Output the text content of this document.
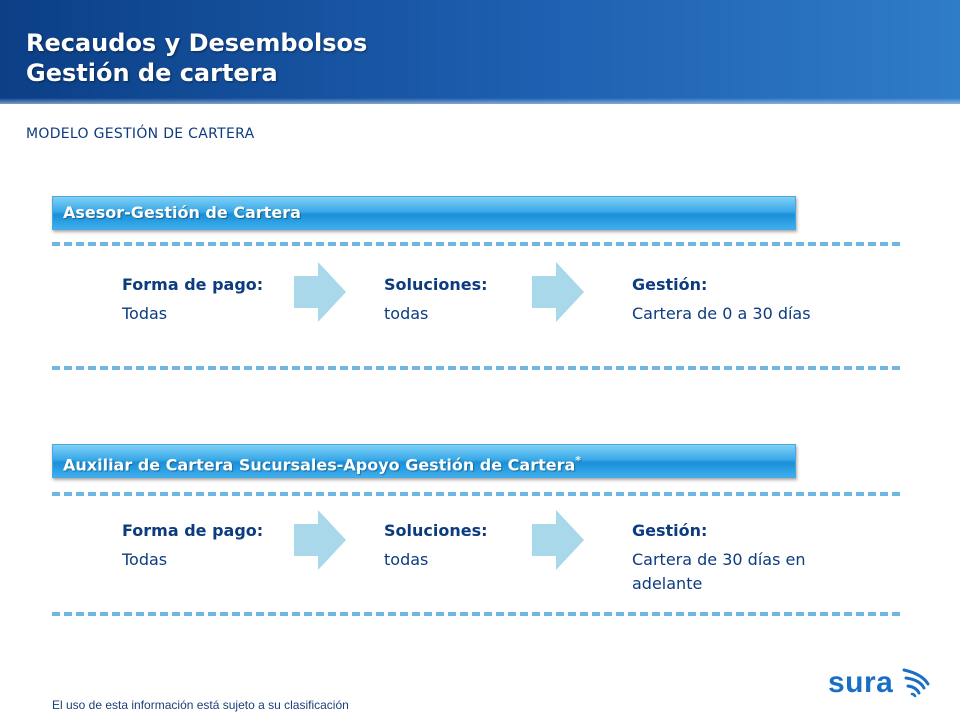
Recaudos y Desembolsos
Gestión de cartera
MODELO GESTIÓN DE CARTERA
Asesor-Gestión de Cartera
Forma de pago:
Todas
Soluciones:
todas
Gestión:
Cartera de 0 a 30 días
Auxiliar de Cartera Sucursales-Apoyo Gestión de Cartera*
Forma de pago:
Todas
Soluciones:
todas
Gestión:
Cartera de 30 días en
adelante
El uso de esta información está sujeto a su clasificación
sura
